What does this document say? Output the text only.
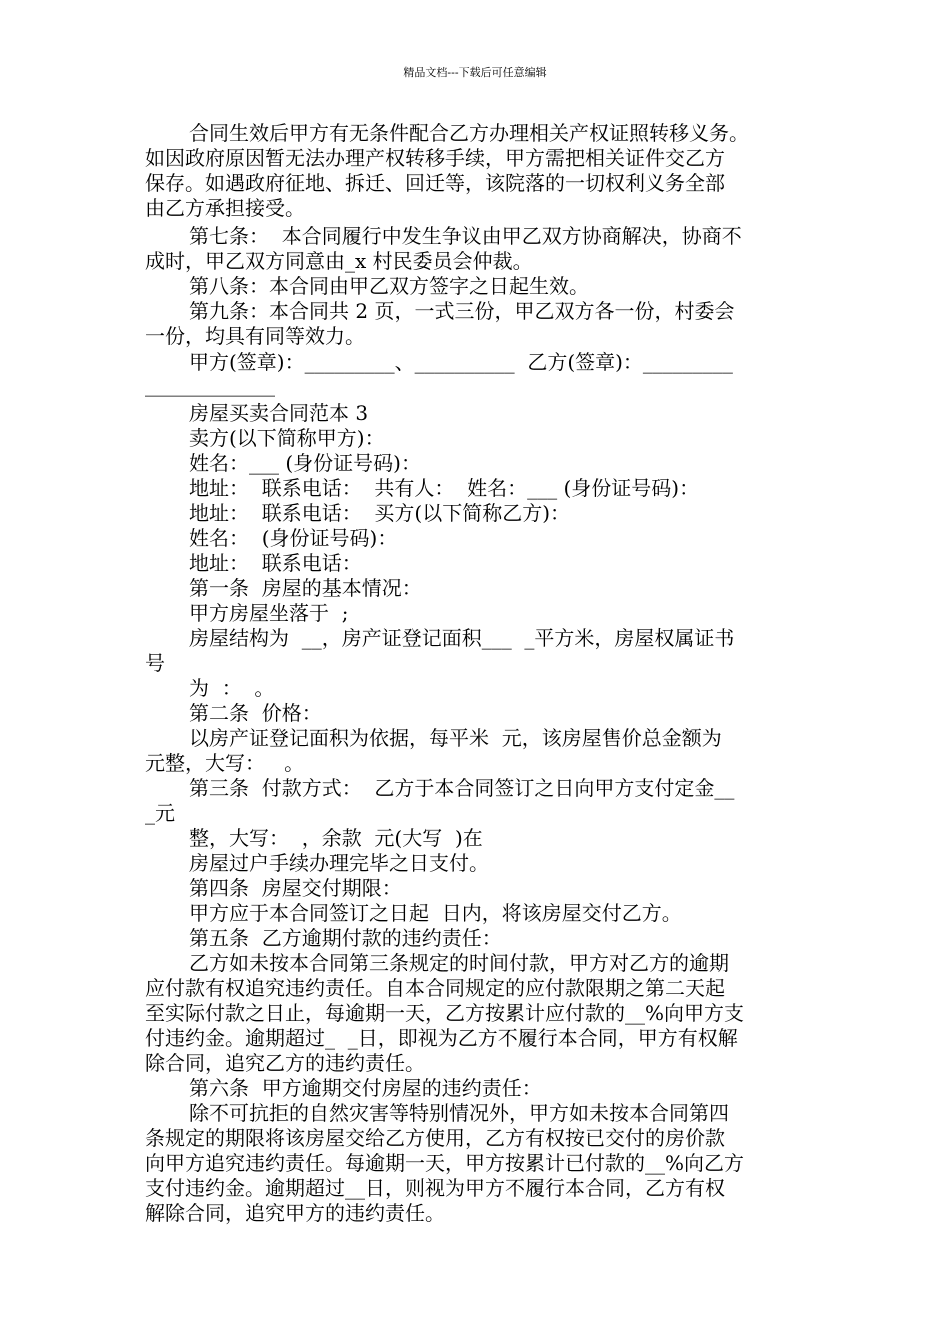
精品文档---下载后可任意编辑
合同生效后甲方有无条件配合乙方办理相关产权证照转移义务。
如因政府原因暂无法办理产权转移手续，甲方需把相关证件交乙方
保存。如遇政府征地、拆迁、回迁等，该院落的一切权利义务全部
由乙方承担接受。
第七条：  本合同履行中发生争议由甲乙双方协商解决，协商不
成时，甲乙双方同意由_x 村民委员会仲裁。
第八条：本合同由甲乙双方签字之日起生效。
第九条：本合同共 2 页，一式三份，甲乙双方各一份，村委会
一份，均具有同等效力。
甲方(签章)：_________、__________  乙方(签章)：_________
_____________
房屋买卖合同范本 3
卖方(以下简称甲方)：
姓名：___ (身份证号码)：
地址：  联系电话：  共有人：  姓名：___ (身份证号码)：
地址：  联系电话：  买方(以下简称乙方)：
姓名：  (身份证号码)：
地址：  联系电话：
第一条  房屋的基本情况：
甲方房屋坐落于  ;
房屋结构为  __，房产证登记面积___  _平方米，房屋权属证书
号
为  ：  。
第二条  价格：
以房产证登记面积为依据，每平米  元，该房屋售价总金额为
元整，大写：   。
第三条  付款方式：  乙方于本合同签订之日向甲方支付定金__
_元
整，大写：  ，余款  元(大写  )在
房屋过户手续办理完毕之日支付。
第四条  房屋交付期限：
甲方应于本合同签订之日起  日内，将该房屋交付乙方。
第五条  乙方逾期付款的违约责任：
乙方如未按本合同第三条规定的时间付款，甲方对乙方的逾期
应付款有权追究违约责任。自本合同规定的应付款限期之第二天起
至实际付款之日止，每逾期一天，乙方按累计应付款的__%向甲方支
付违约金。逾期超过_  _日，即视为乙方不履行本合同，甲方有权解
除合同，追究乙方的违约责任。
第六条  甲方逾期交付房屋的违约责任：
除不可抗拒的自然灾害等特别情况外，甲方如未按本合同第四
条规定的期限将该房屋交给乙方使用，乙方有权按已交付的房价款
向甲方追究违约责任。每逾期一天，甲方按累计已付款的__%向乙方
支付违约金。逾期超过__日，则视为甲方不履行本合同，乙方有权
解除合同，追究甲方的违约责任。
